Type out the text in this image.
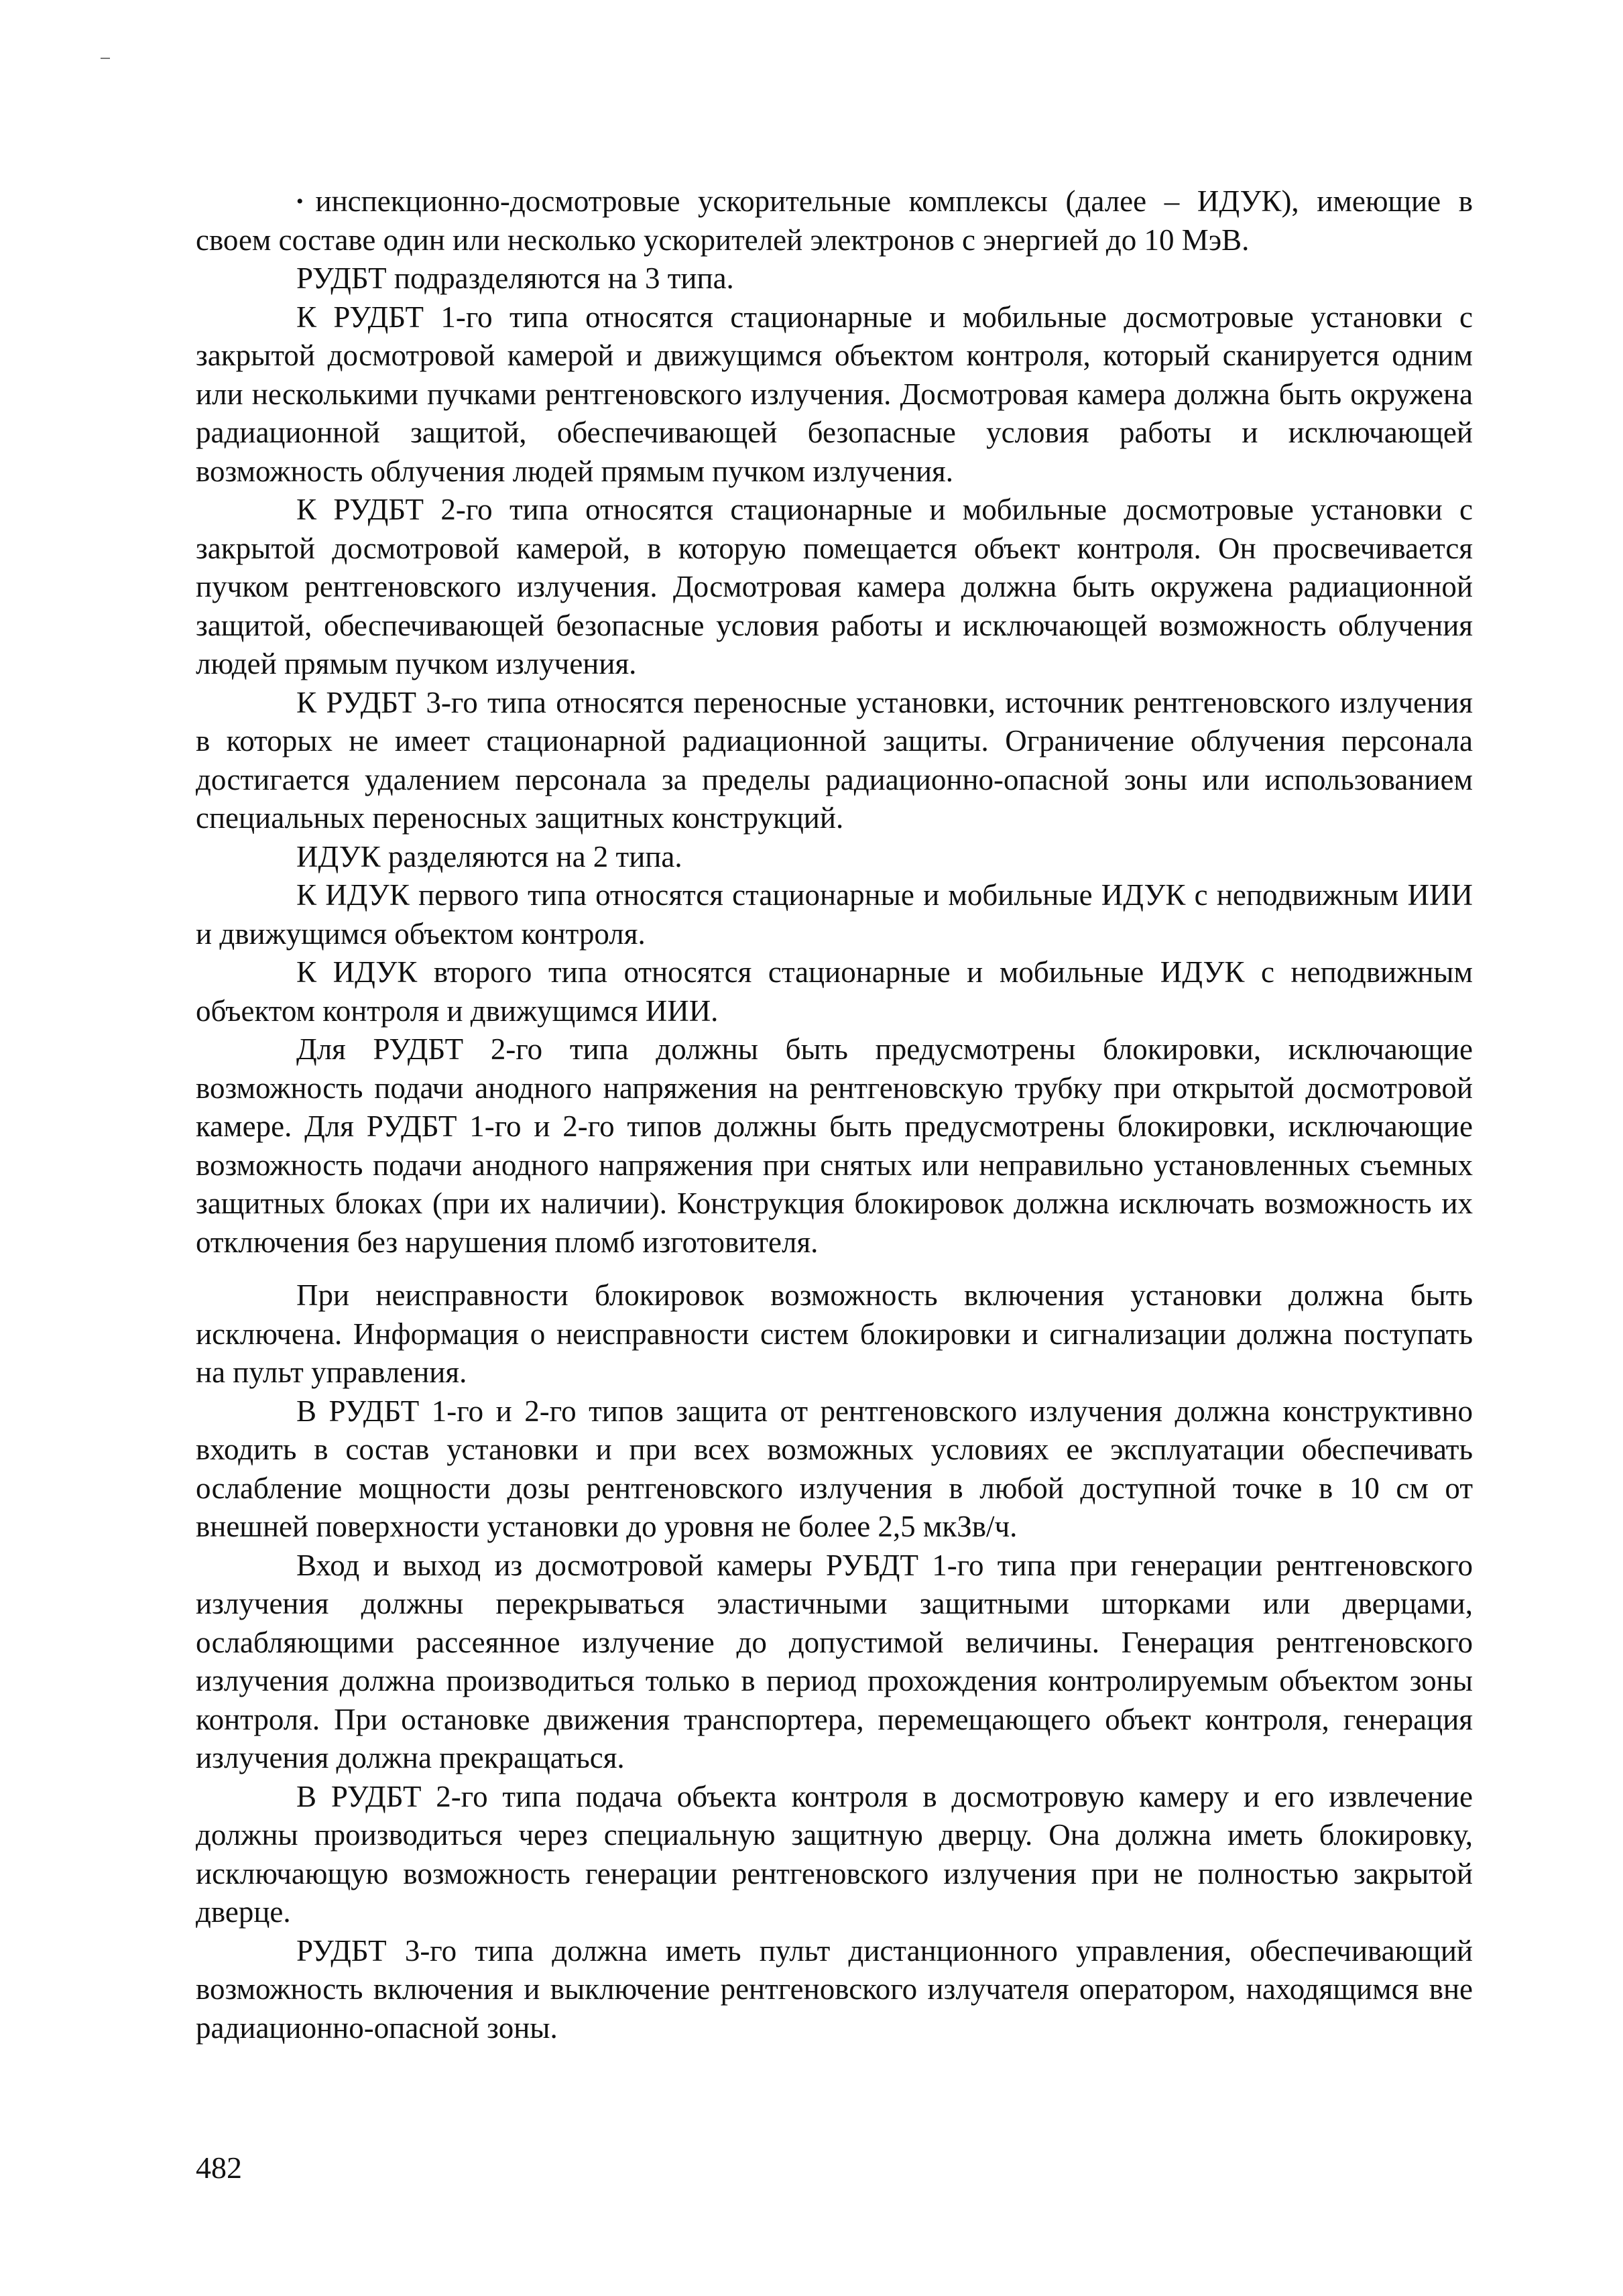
• инспекционно-досмотровые ускорительные комплексы (далее – ИДУК), имеющие в своем составе один или несколько ускорителей электронов с энергией до 10 МэВ.

РУДБТ подразделяются на 3 типа.

К РУДБТ 1-го типа относятся стационарные и мобильные досмотровые установки с закрытой досмотровой камерой и движущимся объектом контроля, который сканируется одним или несколькими пучками рентгеновского излучения. Досмотровая камера должна быть окружена радиационной защитой, обеспечивающей безопасные условия работы и исключающей возможность облучения людей прямым пучком излучения.

К РУДБТ 2-го типа относятся стационарные и мобильные досмотровые установки с закрытой досмотровой камерой, в которую помещается объект контроля. Он просвечивается пучком рентгеновского излучения. Досмотровая камера должна быть окружена радиационной защитой, обеспечивающей безопасные условия работы и исключающей возможность облучения людей прямым пучком излучения.

К РУДБТ 3-го типа относятся переносные установки, источник рентгеновского излучения в которых не имеет стационарной радиационной защиты. Ограничение облучения персонала достигается удалением персонала за пределы радиационно-опасной зоны или использованием специальных переносных защитных конструкций.

ИДУК разделяются на 2 типа.

К ИДУК первого типа относятся стационарные и мобильные ИДУК с неподвижным ИИИ и движущимся объектом контроля.

К ИДУК второго типа относятся стационарные и мобильные ИДУК с неподвижным объектом контроля и движущимся ИИИ.

Для РУДБТ 2-го типа должны быть предусмотрены блокировки, исключающие возможность подачи анодного напряжения на рентгеновскую трубку при открытой досмотровой камере. Для РУДБТ 1-го и 2-го типов должны быть предусмотрены блокировки, исключающие возможность подачи анодного напряжения при снятых или неправильно установленных съемных защитных блоках (при их наличии). Конструкция блокировок должна исключать возможность их отключения без нарушения пломб изготовителя.

При неисправности блокировок возможность включения установки должна быть исключена. Информация о неисправности систем блокировки и сигнализации должна поступать на пульт управления.

В РУДБТ 1-го и 2-го типов защита от рентгеновского излучения должна конструктивно входить в состав установки и при всех возможных условиях ее эксплуатации обеспечивать ослабление мощности дозы рентгеновского излучения в любой доступной точке в 10 см от внешней поверхности установки до уровня не более 2,5 мкЗв/ч.

Вход и выход из досмотровой камеры РУБДТ 1-го типа при генерации рентгеновского излучения должны перекрываться эластичными защитными шторками или дверцами, ослабляющими рассеянное излучение до допустимой величины. Генерация рентгеновского излучения должна производиться только в период прохождения контролируемым объектом зоны контроля. При остановке движения транспортера, перемещающего объект контроля, генерация излучения должна прекращаться.

В РУДБТ 2-го типа подача объекта контроля в досмотровую камеру и его извлечение должны производиться через специальную защитную дверцу. Она должна иметь блокировку, исключающую возможность генерации рентгеновского излучения при не полностью закрытой дверце.

РУДБТ 3-го типа должна иметь пульт дистанционного управления, обеспечивающий возможность включения и выключение рентгеновского излучателя оператором, находящимся вне радиационно-опасной зоны.

482
